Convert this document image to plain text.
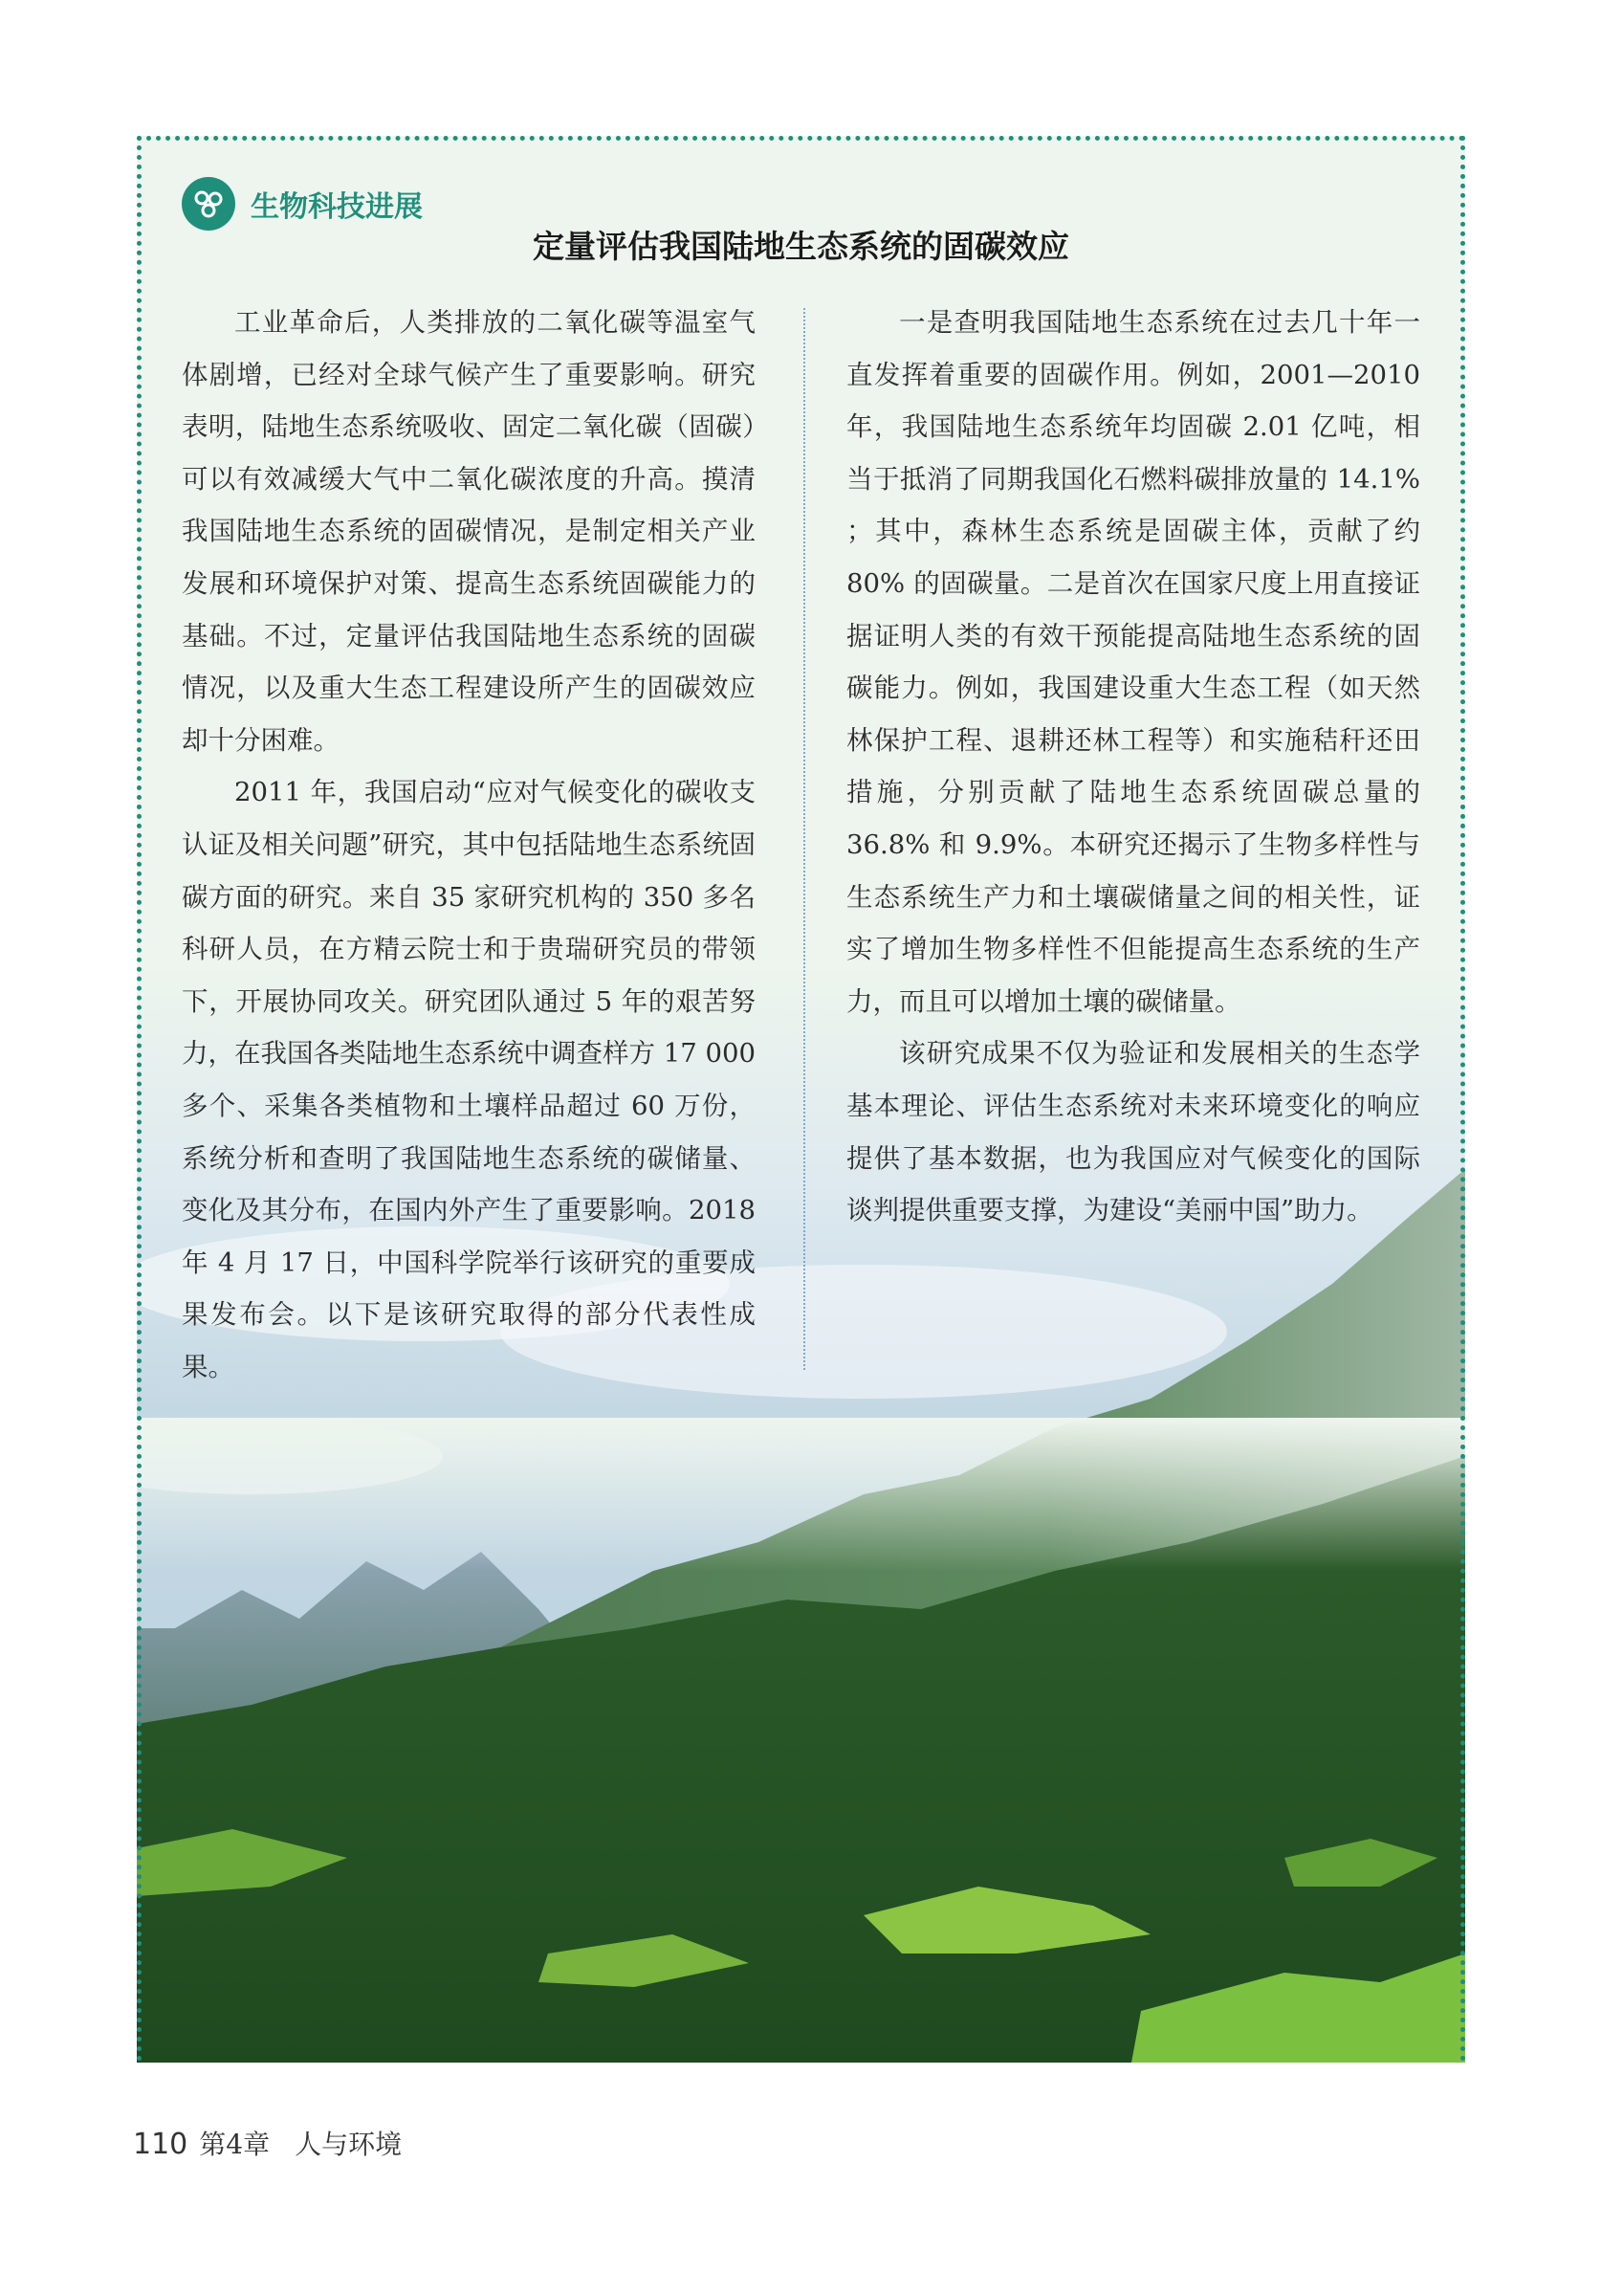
生物科技进展
定量评估我国陆地生态系统的固碳效应

工业革命后，人类排放的二氧化碳等温室气体剧增，已经对全球气候产生了重要影响。研究表明，陆地生态系统吸收、固定二氧化碳（固碳）可以有效减缓大气中二氧化碳浓度的升高。摸清我国陆地生态系统的固碳情况，是制定相关产业发展和环境保护对策、提高生态系统固碳能力的基础。不过，定量评估我国陆地生态系统的固碳情况，以及重大生态工程建设所产生的固碳效应却十分困难。

2011 年，我国启动“应对气候变化的碳收支认证及相关问题”研究，其中包括陆地生态系统固碳方面的研究。来自 35 家研究机构的 350 多名科研人员，在方精云院士和于贵瑞研究员的带领下，开展协同攻关。研究团队通过 5 年的艰苦努力，在我国各类陆地生态系统中调查样方 17 000 多个、采集各类植物和土壤样品超过 60 万份，系统分析和查明了我国陆地生态系统的碳储量、变化及其分布，在国内外产生了重要影响。2018 年 4 月 17 日，中国科学院举行该研究的重要成果发布会。以下是该研究取得的部分代表性成果。

一是查明我国陆地生态系统在过去几十年一直发挥着重要的固碳作用。例如，2001—2010 年，我国陆地生态系统年均固碳 2.01 亿吨，相当于抵消了同期我国化石燃料碳排放量的 14.1% ；其中，森林生态系统是固碳主体，贡献了约 80% 的固碳量。二是首次在国家尺度上用直接证据证明人类的有效干预能提高陆地生态系统的固碳能力。例如，我国建设重大生态工程（如天然林保护工程、退耕还林工程等）和实施秸秆还田措施，分别贡献了陆地生态系统固碳总量的 36.8% 和 9.9%。本研究还揭示了生物多样性与生态系统生产力和土壤碳储量之间的相关性，证实了增加生物多样性不但能提高生态系统的生产力，而且可以增加土壤的碳储量。

该研究成果不仅为验证和发展相关的生态学基本理论、评估生态系统对未来环境变化的响应提供了基本数据，也为我国应对气候变化的国际谈判提供重要支撑，为建设“美丽中国”助力。

110 第4章 人与环境
